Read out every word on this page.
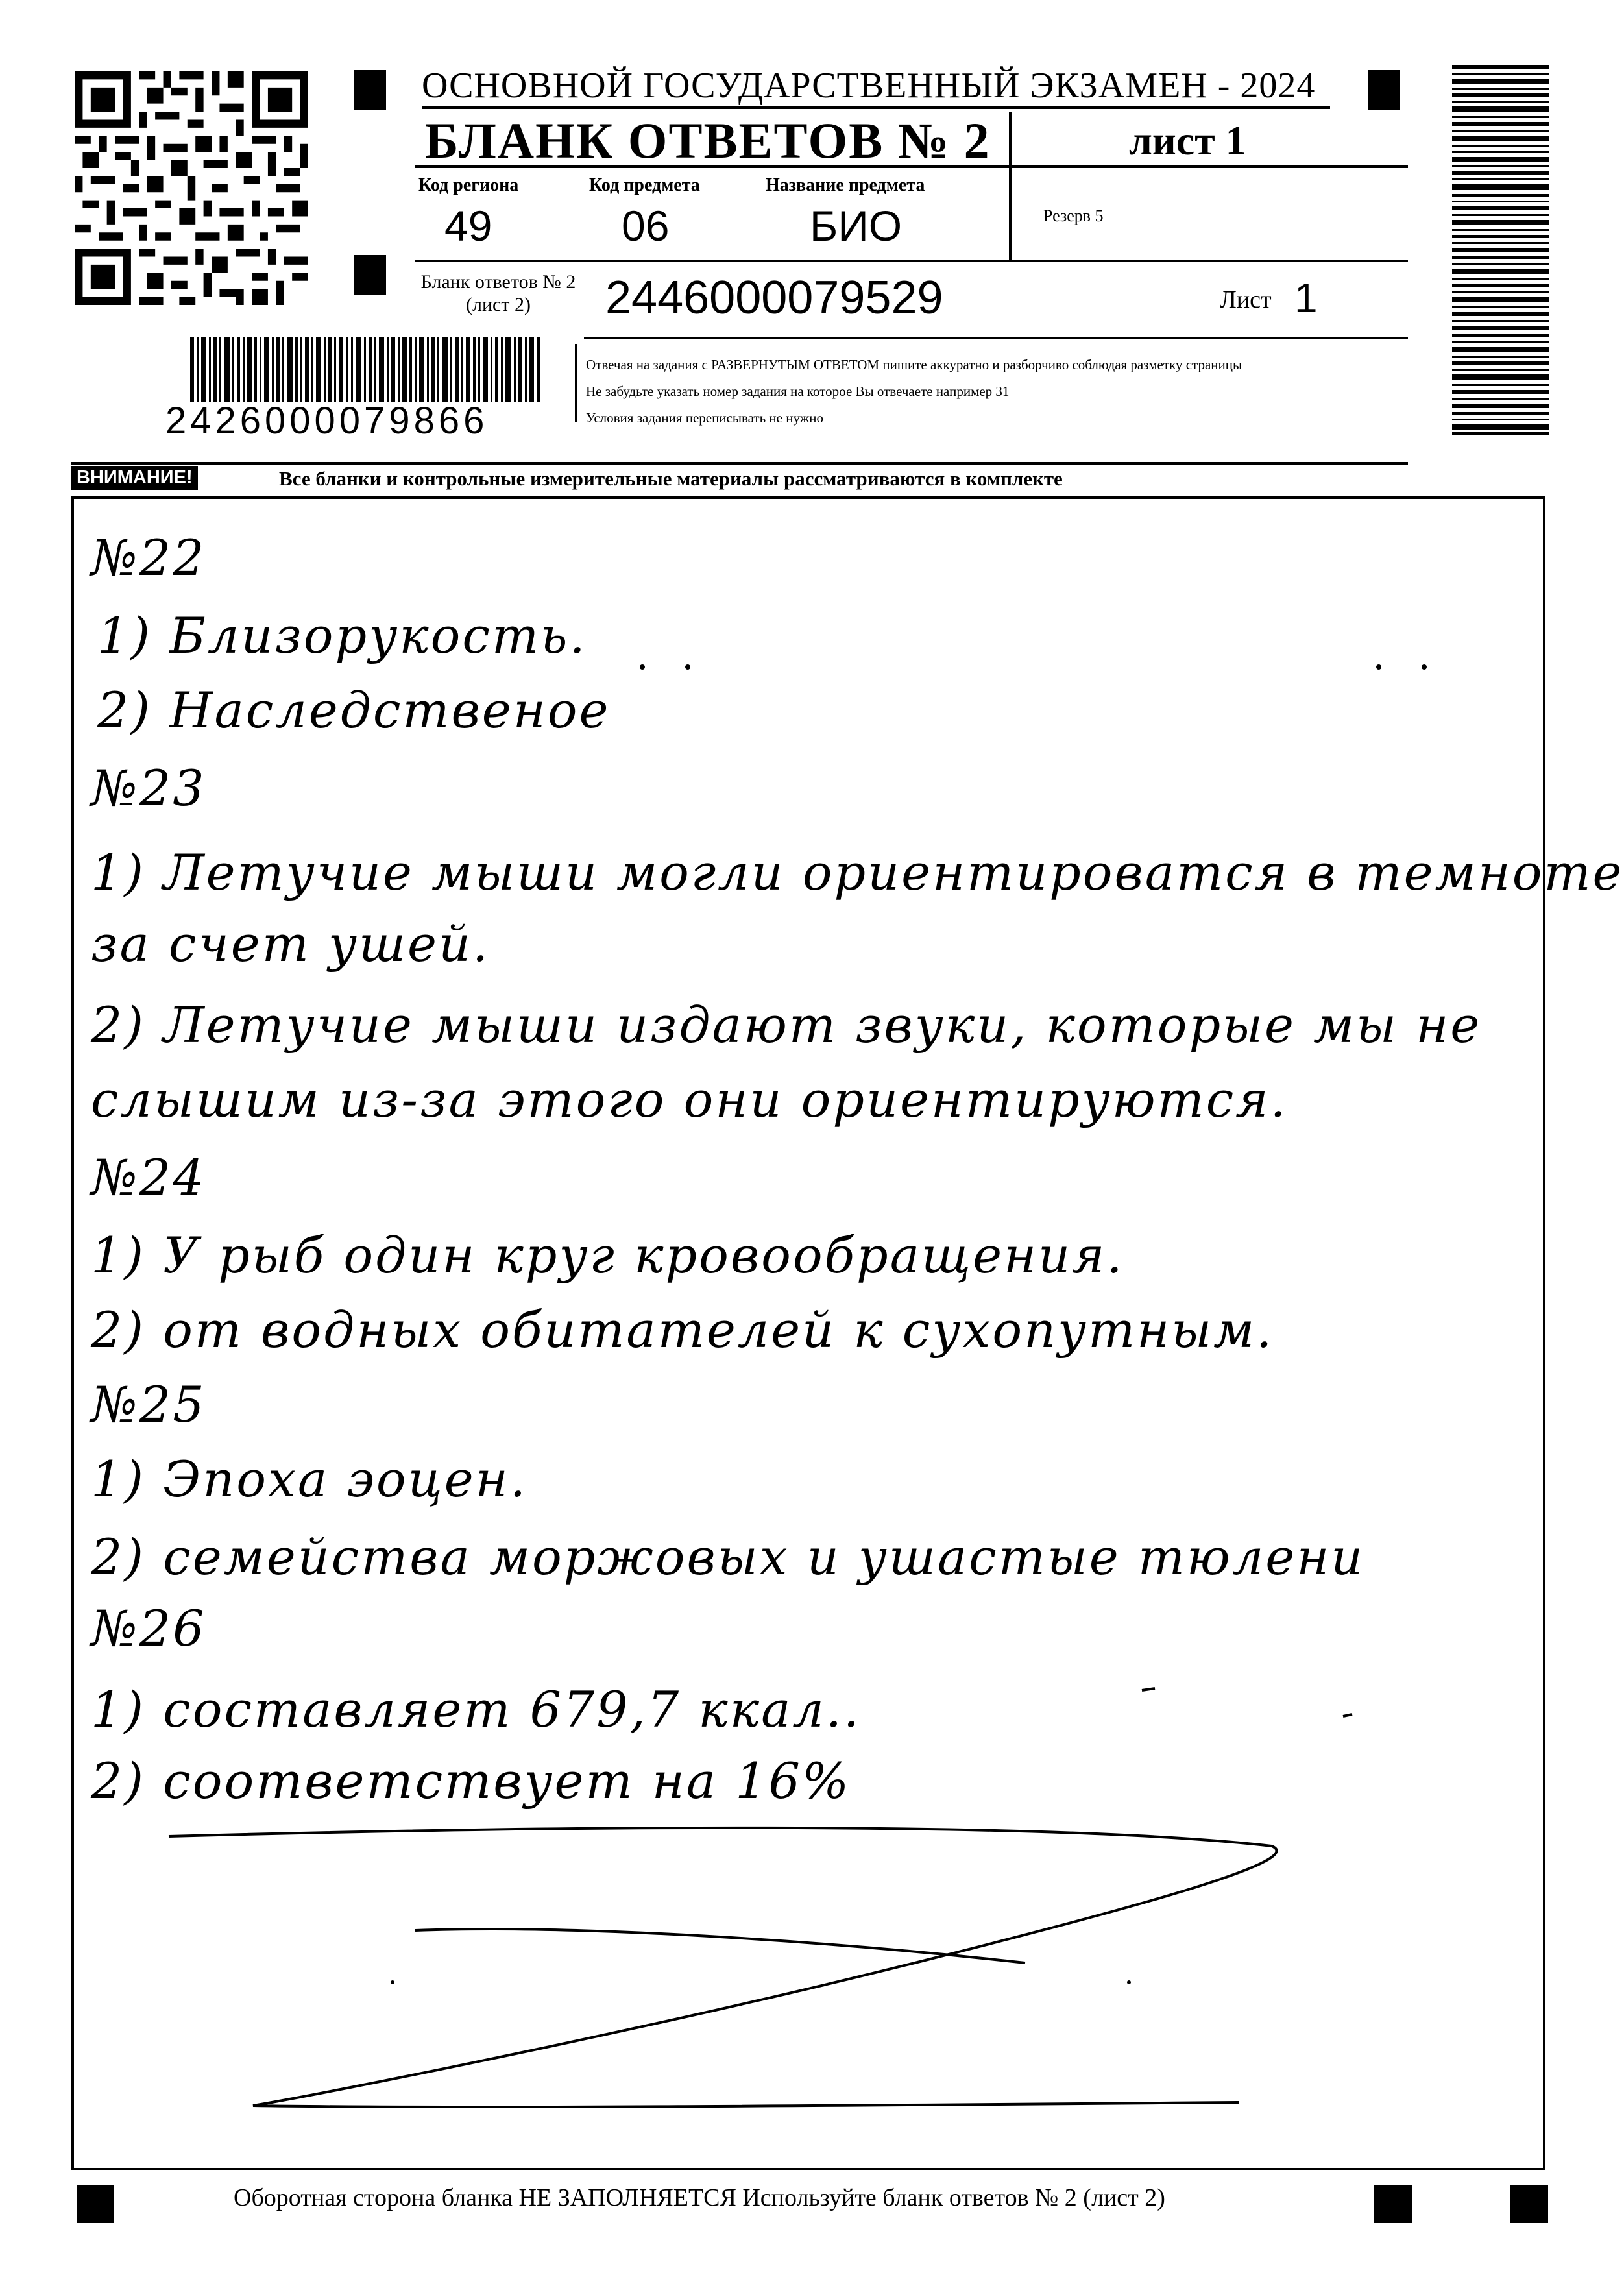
ОСНОВНОЙ ГОСУДАРСТВЕННЫЙ ЭКЗАМЕН - 2024
БЛАНК ОТВЕТОВ № 2	лист 1
Код региона
49
Код предмета
06
Название предмета
БИО	Резерв 5
Бланк ответов № 2
(лист 2)	2446000079529	Лист 1
Отвечая на задания с РАЗВЕРНУТЫМ ОТВЕТОМ пишите аккуратно и разборчиво соблюдая разметку страницы
Не забудьте указать номер задания на которое Вы отвечаете например 31
Условия задания переписывать не нужно
2426000079866
ВНИМАНИЕ!	Все бланки и контрольные измерительные материалы рассматриваются в комплекте
№22
1) Близорукость.
2) Наследственое
№23
1) Летучие мыши могли ориентироватся в темноте
за счет ушей.
2) Летучие мыши издают звуки, которые мы не
слышим из-за этого они ориентируются.
№24
1) У рыб один круг кровообращения.
2) от водных обитателей к сухопутным.
№25
1) Эпоха эоцен.
2) семейства моржовых и ушастые тюлени
№26
1) составляет 679,7 ккал..
2) соответствует на 16%
Оборотная сторона бланка НЕ ЗАПОЛНЯЕТСЯ Используйте бланк ответов № 2 (лист 2)
